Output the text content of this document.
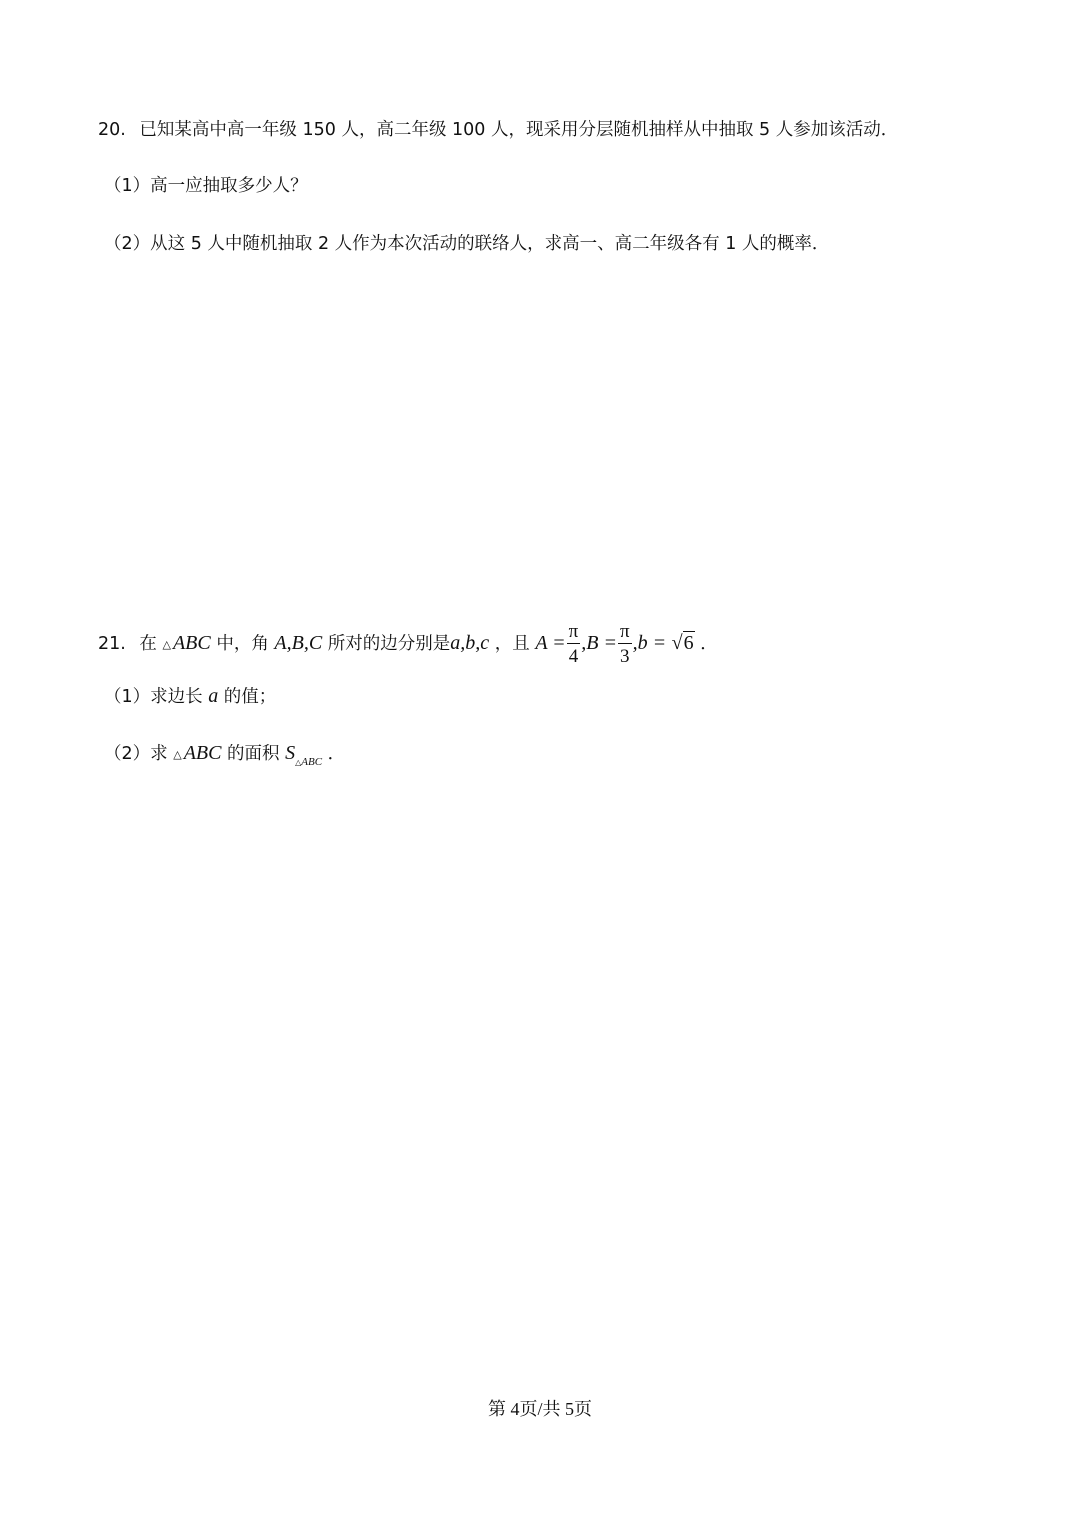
20. 已知某高中高一年级 150 人，高二年级 100 人，现采用分层随机抽样从中抽取 5 人参加该活动．
（1）高一应抽取多少人？
（2）从这 5 人中随机抽取 2 人作为本次活动的联络人，求高一、高二年级各有 1 人的概率．
21. 在 △ ABC 中，角 A,B,C 所对的边分别是a,b,c ，且 $A = \frac{\pi}{4} ,B = \frac{\pi}{3} ,b = √6$ ．
（1）求边长 a 的值；
（2）求 △ ABC 的面积 $S_{\triangle ABC}$ ．
第 4页/共 5页
